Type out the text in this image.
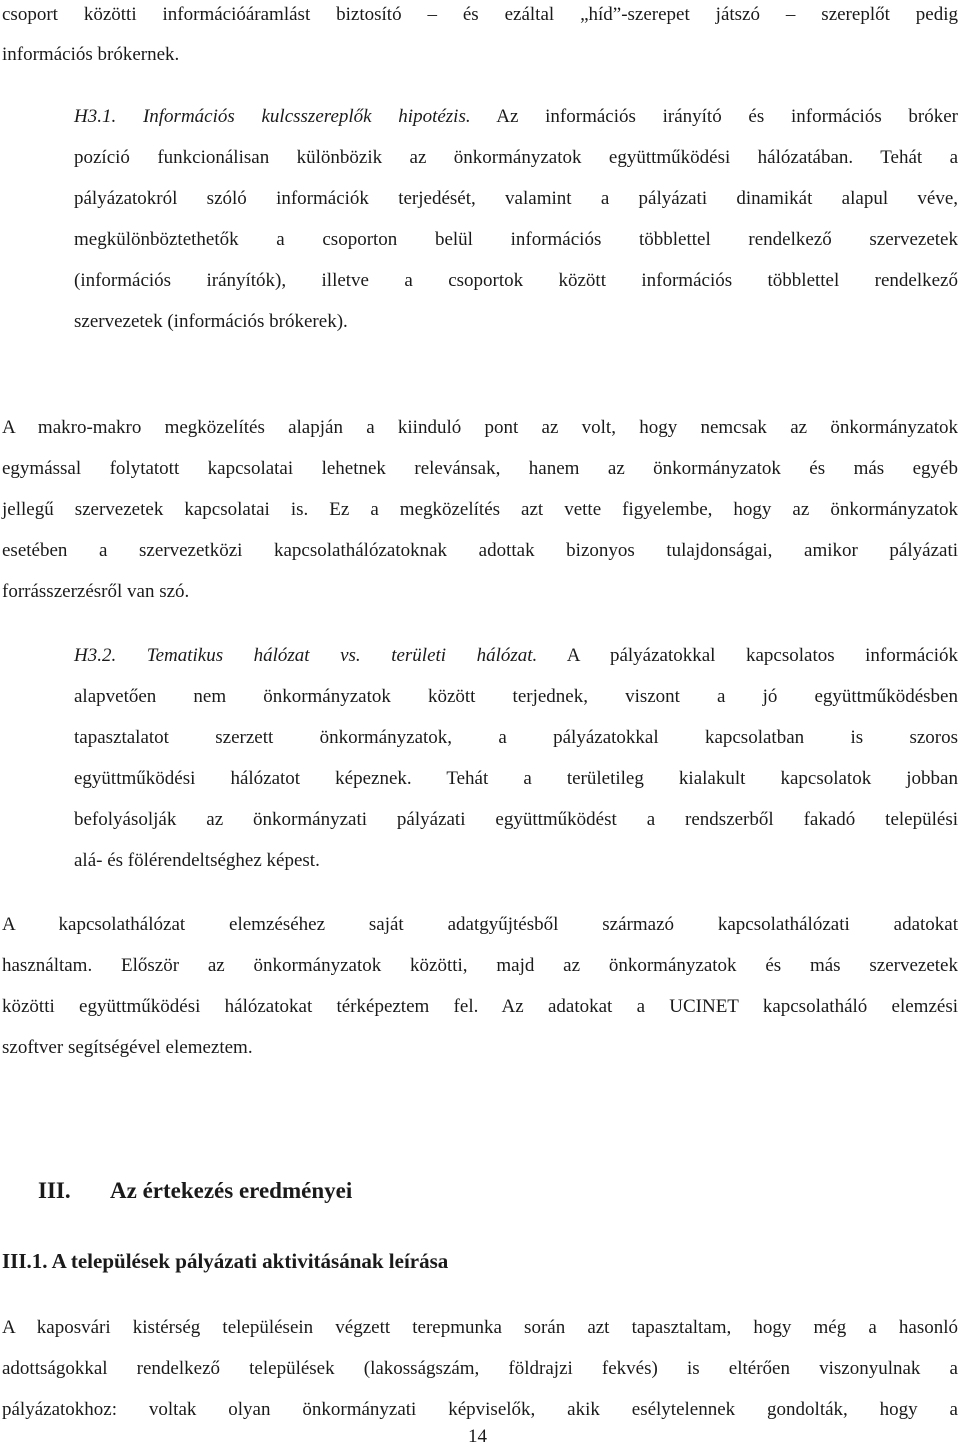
csoport közötti információáramlást biztosító – és ezáltal „híd”-szerepet játszó – szereplőt pedig
információs brókernek.
H3.1. Információs kulcsszereplők hipotézis. Az információs irányító és információs bróker
pozíció funkcionálisan különbözik az önkormányzatok együttműködési hálózatában. Tehát a
pályázatokról szóló információk terjedését, valamint a pályázati dinamikát alapul véve,
megkülönböztethetők a csoporton belül információs többlettel rendelkező szervezetek
(információs irányítók), illetve a csoportok között információs többlettel rendelkező
szervezetek (információs brókerek).
A makro-makro megközelítés alapján a kiinduló pont az volt, hogy nemcsak az önkormányzatok
egymással folytatott kapcsolatai lehetnek relevánsak, hanem az önkormányzatok és más egyéb
jellegű szervezetek kapcsolatai is. Ez a megközelítés azt vette figyelembe, hogy az önkormányzatok
esetében a szervezetközi kapcsolathálózatoknak adottak bizonyos tulajdonságai, amikor pályázati
forrásszerzésről van szó.
H3.2. Tematikus hálózat vs. területi hálózat. A pályázatokkal kapcsolatos információk
alapvetően nem önkormányzatok között terjednek, viszont a jó együttműködésben
tapasztalatot szerzett önkormányzatok, a pályázatokkal kapcsolatban is szoros
együttműködési hálózatot képeznek. Tehát a területileg kialakult kapcsolatok jobban
befolyásolják az önkormányzati pályázati együttműködést a rendszerből fakadó települési
alá- és fölérendeltséghez képest.
A kapcsolathálózat elemzéséhez saját adatgyűjtésből származó kapcsolathálózati adatokat
használtam. Először az önkormányzatok közötti, majd az önkormányzatok és más szervezetek
közötti együttműködési hálózatokat térképeztem fel. Az adatokat a UCINET kapcsolatháló elemzési
szoftver segítségével elemeztem.
III. Az értekezés eredményei
III.1. A települések pályázati aktivitásának leírása
A kaposvári kistérség településein végzett terepmunka során azt tapasztaltam, hogy még a hasonló
adottságokkal rendelkező települések (lakosságszám, földrajzi fekvés) is eltérően viszonyulnak a
pályázatokhoz: voltak olyan önkormányzati képviselők, akik esélytelennek gondolták, hogy a
14
